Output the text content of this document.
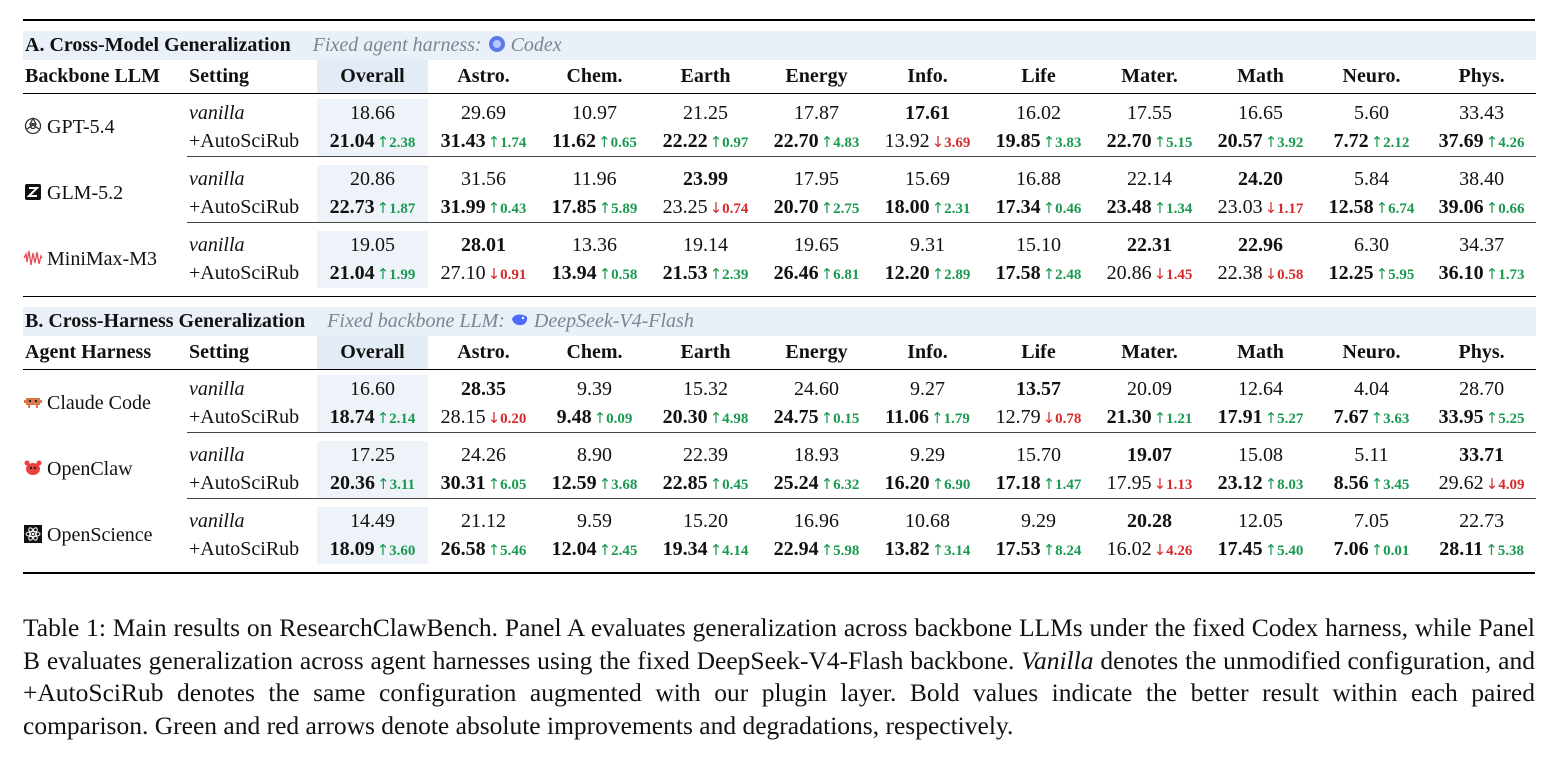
A. Cross-Model Generalization Fixed agent harness: Codex												
Backbone LLM	Setting	Overall	Astro.	Chem.	Earth	Energy	Info.	Life	Mater.	Math	Neuro.	Phys.

GPT-5.4	vanilla	18.66	29.69	10.97	21.25	17.87	17.61	16.02	17.55	16.65	5.60	33.43
	+AutoSciRub	21.04 ↑2.38	31.43 ↑1.74	11.62 ↑0.65	22.22 ↑0.97	22.70 ↑4.83	13.92 ↓3.69	19.85 ↑3.83	22.70 ↑5.15	20.57 ↑3.92	7.72 ↑2.12	37.69 ↑4.26

GLM-5.2	vanilla	20.86	31.56	11.96	23.99	17.95	15.69	16.88	22.14	24.20	5.84	38.40
	+AutoSciRub	22.73 ↑1.87	31.99 ↑0.43	17.85 ↑5.89	23.25 ↓0.74	20.70 ↑2.75	18.00 ↑2.31	17.34 ↑0.46	23.48 ↑1.34	23.03 ↓1.17	12.58 ↑6.74	39.06 ↑0.66

MiniMax-M3	vanilla	19.05	28.01	13.36	19.14	19.65	9.31	15.10	22.31	22.96	6.30	34.37
	+AutoSciRub	21.04 ↑1.99	27.10 ↓0.91	13.94 ↑0.58	21.53 ↑2.39	26.46 ↑6.81	12.20 ↑2.89	17.58 ↑2.48	20.86 ↓1.45	22.38 ↓0.58	12.25 ↑5.95	36.10 ↑1.73

B. Cross-Harness Generalization Fixed backbone LLM: DeepSeek-V4-Flash												
Agent Harness	Setting	Overall	Astro.	Chem.	Earth	Energy	Info.	Life	Mater.	Math	Neuro.	Phys.

Claude Code	vanilla	16.60	28.35	9.39	15.32	24.60	9.27	13.57	20.09	12.64	4.04	28.70
	+AutoSciRub	18.74 ↑2.14	28.15 ↓0.20	9.48 ↑0.09	20.30 ↑4.98	24.75 ↑0.15	11.06 ↑1.79	12.79 ↓0.78	21.30 ↑1.21	17.91 ↑5.27	7.67 ↑3.63	33.95 ↑5.25

OpenClaw	vanilla	17.25	24.26	8.90	22.39	18.93	9.29	15.70	19.07	15.08	5.11	33.71
	+AutoSciRub	20.36 ↑3.11	30.31 ↑6.05	12.59 ↑3.68	22.85 ↑0.45	25.24 ↑6.32	16.20 ↑6.90	17.18 ↑1.47	17.95 ↓1.13	23.12 ↑8.03	8.56 ↑3.45	29.62 ↓4.09

OpenScience	vanilla	14.49	21.12	9.59	15.20	16.96	10.68	9.29	20.28	12.05	7.05	22.73
	+AutoSciRub	18.09 ↑3.60	26.58 ↑5.46	12.04 ↑2.45	19.34 ↑4.14	22.94 ↑5.98	13.82 ↑3.14	17.53 ↑8.24	16.02 ↓4.26	17.45 ↑5.40	7.06 ↑0.01	28.11 ↑5.38

Table 1: Main results on ResearchClawBench. Panel A evaluates generalization across backbone LLMs under the fixed Codex harness, while Panel B evaluates generalization across agent harnesses using the fixed DeepSeek-V4-Flash backbone. Vanilla denotes the unmodified configuration, and +AutoSciRub denotes the same configuration augmented with our plugin layer. Bold values indicate the better result within each paired comparison. Green and red arrows denote absolute improvements and degradations, respectively.
